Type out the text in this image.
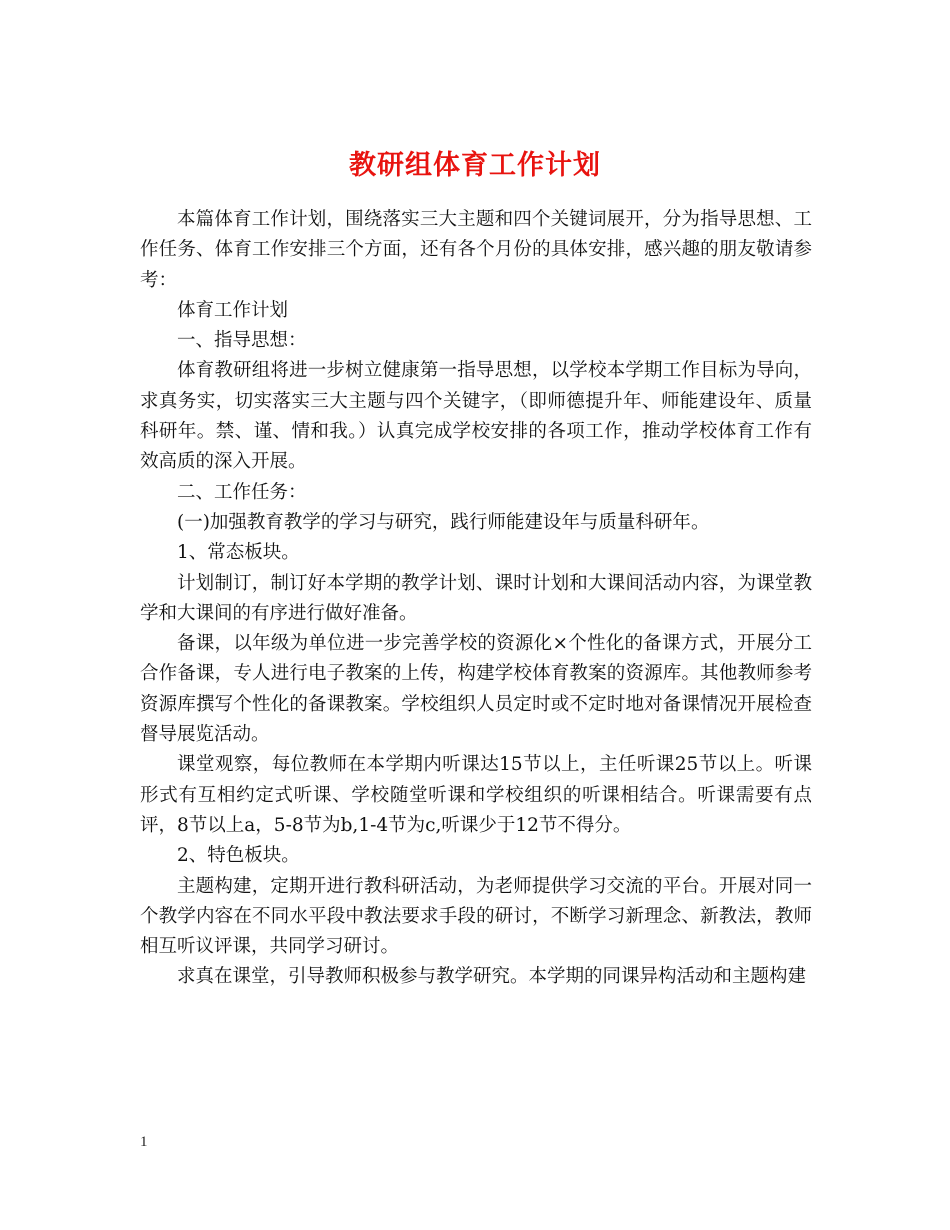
教研组体育工作计划

本篇体育工作计划，围绕落实三大主题和四个关键词展开，分为指导思想、工作任务、体育工作安排三个方面，还有各个月份的具体安排，感兴趣的朋友敬请参考：

体育工作计划

一、指导思想：

体育教研组将进一步树立健康第一指导思想，以学校本学期工作目标为导向，求真务实，切实落实三大主题与四个关键字，（即师德提升年、师能建设年、质量科研年。禁、谨、情和我。）认真完成学校安排的各项工作，推动学校体育工作有效高质的深入开展。

二、工作任务：

(一)加强教育教学的学习与研究，践行师能建设年与质量科研年。

1、常态板块。

计划制订，制订好本学期的教学计划、课时计划和大课间活动内容，为课堂教学和大课间的有序进行做好准备。

备课，以年级为单位进一步完善学校的资源化×个性化的备课方式，开展分工合作备课，专人进行电子教案的上传，构建学校体育教案的资源库。其他教师参考资源库撰写个性化的备课教案。学校组织人员定时或不定时地对备课情况开展检查督导展览活动。

课堂观察，每位教师在本学期内听课达15节以上，主任听课25节以上。听课形式有互相约定式听课、学校随堂听课和学校组织的听课相结合。听课需要有点评，8节以上a，5-8节为b,1-4节为c,听课少于12节不得分。

2、特色板块。

主题构建，定期开进行教科研活动，为老师提供学习交流的平台。开展对同一个教学内容在不同水平段中教法要求手段的研讨，不断学习新理念、新教法，教师相互听议评课，共同学习研讨。

求真在课堂，引导教师积极参与教学研究。本学期的同课异构活动和主题构建

1
